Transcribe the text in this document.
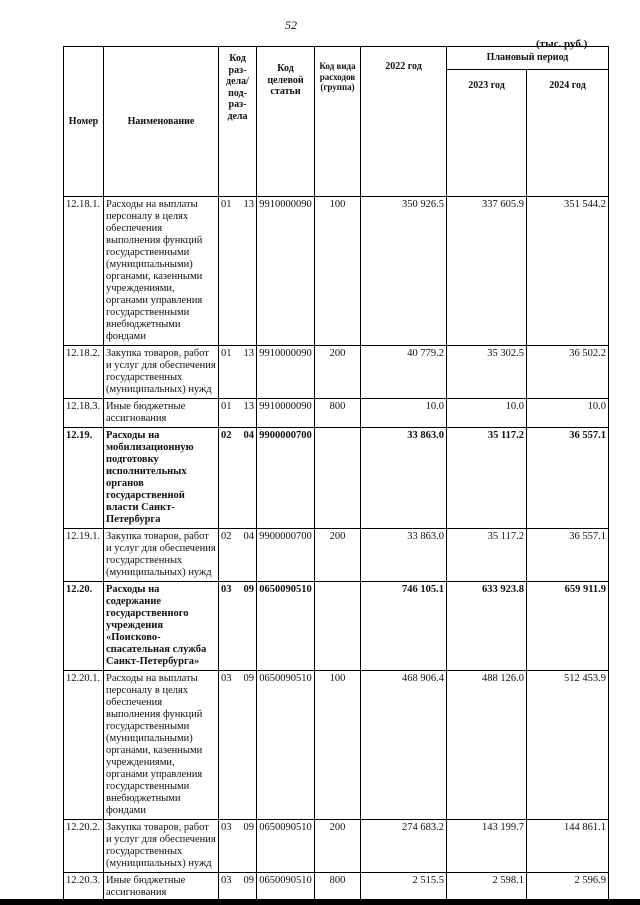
52
(тыс. руб.)
Номер	Наименование	Код раз-дела/ под-раз-дела	Код целевой статьи	Код вида расходов (группа)	2022 год	Плановый период	
						2023 год	2024 год
12.18.1.	Расходы на выплаты персоналу в целях обеспечения выполнения функций государственными (муниципальными) органами, казенными учреждениями, органами управления государственными внебюджетными фондами	01 13	9910000090	100	350 926.5	337 605.9	351 544.2
12.18.2.	Закупка товаров, работ и услуг для обеспечения государственных (муниципальных) нужд	01 13	9910000090	200	40 779.2	35 302.5	36 502.2
12.18.3.	Иные бюджетные ассигнования	01 13	9910000090	800	10.0	10.0	10.0
12.19.	Расходы на мобилизационную подготовку исполнительных органов государственной власти Санкт-Петербурга	02 04	9900000700		33 863.0	35 117.2	36 557.1
12.19.1.	Закупка товаров, работ и услуг для обеспечения государственных (муниципальных) нужд	02 04	9900000700	200	33 863.0	35 117.2	36 557.1
12.20.	Расходы на содержание государственного учреждения «Поисково-спасательная служба Санкт-Петербурга»	03 09	0650090510		746 105.1	633 923.8	659 911.9
12.20.1.	Расходы на выплаты персоналу в целях обеспечения выполнения функций государственными (муниципальными) органами, казенными учреждениями, органами управления государственными внебюджетными фондами	03 09	0650090510	100	468 906.4	488 126.0	512 453.9
12.20.2.	Закупка товаров, работ и услуг для обеспечения государственных (муниципальных) нужд	03 09	0650090510	200	274 683.2	143 199.7	144 861.1
12.20.3.	Иные бюджетные ассигнования	03 09	0650090510	800	2 515.5	2 598.1	2 596.9
